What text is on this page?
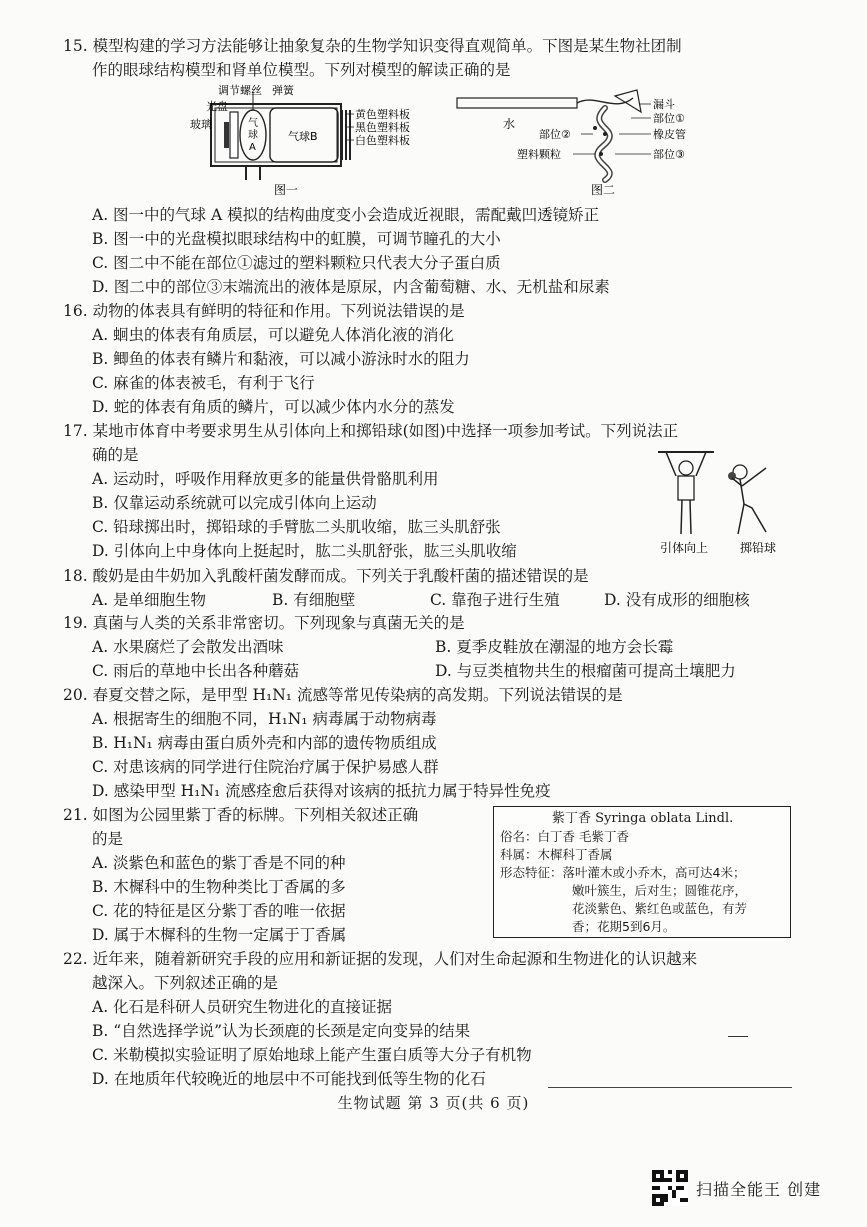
15. 模型构建的学习方法能够让抽象复杂的生物学知识变得直观简单。下图是某生物社团制
作的眼球结构模型和肾单位模型。下列对模型的解读正确的是
调节螺丝 弹簧
光盘
玻璃	气
球
A
气球B
黄色塑料板
黑色塑料板
白色塑料板
图一
水
漏斗
部位①
部位②	橡皮管
塑料颗粒	部位③
图二
A. 图一中的气球 A 模拟的结构曲度变小会造成近视眼，需配戴凹透镜矫正
B. 图一中的光盘模拟眼球结构中的虹膜，可调节瞳孔的大小
C. 图二中不能在部位①滤过的塑料颗粒只代表大分子蛋白质
D. 图二中的部位③末端流出的液体是原尿，内含葡萄糖、水、无机盐和尿素
16. 动物的体表具有鲜明的特征和作用。下列说法错误的是
A. 蛔虫的体表有角质层，可以避免人体消化液的消化
B. 鲫鱼的体表有鳞片和黏液，可以减小游泳时水的阻力
C. 麻雀的体表被毛，有利于飞行
D. 蛇的体表有角质的鳞片，可以减少体内水分的蒸发
17. 某地市体育中考要求男生从引体向上和掷铅球(如图)中选择一项参加考试。下列说法正
确的是
A. 运动时，呼吸作用释放更多的能量供骨骼肌利用
B. 仅靠运动系统就可以完成引体向上运动
C. 铅球掷出时，掷铅球的手臂肱二头肌收缩，肱三头肌舒张
D. 引体向上中身体向上挺起时，肱二头肌舒张，肱三头肌收缩	引体向上	掷铅球
18. 酸奶是由牛奶加入乳酸杆菌发酵而成。下列关于乳酸杆菌的描述错误的是
A. 是单细胞生物	B. 有细胞壁	C. 靠孢子进行生殖	D. 没有成形的细胞核
19. 真菌与人类的关系非常密切。下列现象与真菌无关的是
A. 水果腐烂了会散发出酒味	B. 夏季皮鞋放在潮湿的地方会长霉
C. 雨后的草地中长出各种蘑菇	D. 与豆类植物共生的根瘤菌可提高土壤肥力
20. 春夏交替之际，是甲型 H₁N₁ 流感等常见传染病的高发期。下列说法错误的是
A. 根据寄生的细胞不同，H₁N₁ 病毒属于动物病毒
B. H₁N₁ 病毒由蛋白质外壳和内部的遗传物质组成
C. 对患该病的同学进行住院治疗属于保护易感人群
D. 感染甲型 H₁N₁ 流感痊愈后获得对该病的抵抗力属于特异性免疫
21. 如图为公园里紫丁香的标牌。下列相关叙述正确
的是
A. 淡紫色和蓝色的紫丁香是不同的种
B. 木樨科中的生物种类比丁香属的多
C. 花的特征是区分紫丁香的唯一依据
D. 属于木樨科的生物一定属于丁香属
紫丁香 Syringa oblata Lindl.
俗名：白丁香 毛紫丁香
科属：木樨科丁香属
形态特征：落叶灌木或小乔木，高可达4米；
嫩叶簇生，后对生；圆锥花序，
花淡紫色、紫红色或蓝色，有芳
香；花期5到6月。
22. 近年来，随着新研究手段的应用和新证据的发现，人们对生命起源和生物进化的认识越来
越深入。下列叙述正确的是
A. 化石是科研人员研究生物进化的直接证据
B. “自然选择学说”认为长颈鹿的长颈是定向变异的结果
C. 米勒模拟实验证明了原始地球上能产生蛋白质等大分子有机物
D. 在地质年代较晚近的地层中不可能找到低等生物的化石
生物试题 第 3 页(共 6 页)
扫描全能王 创建
